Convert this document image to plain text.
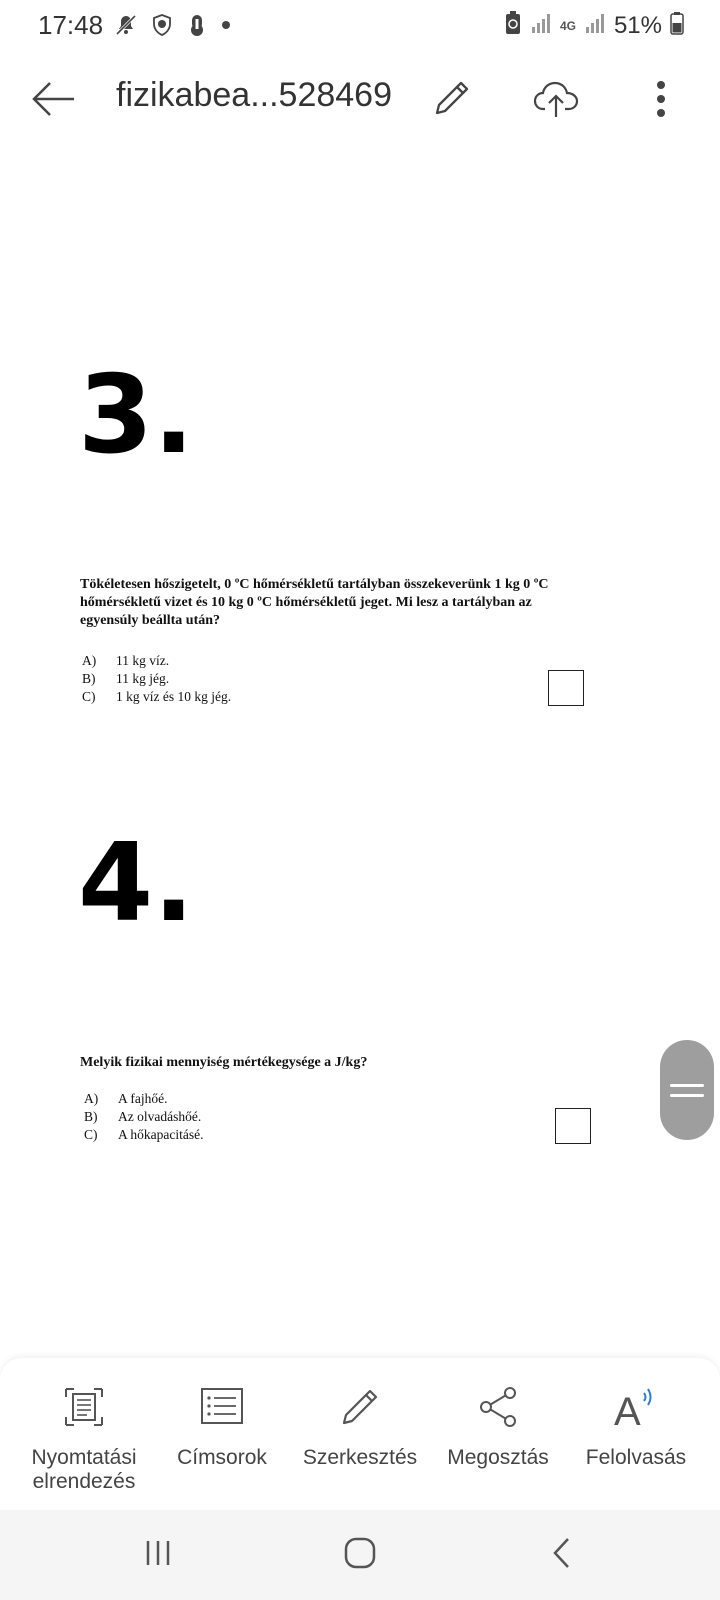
17:48	4G 51%
fizikabea...528469
3.
Tökéletesen hőszigetelt, 0 ºC hőmérsékletű tartályban összekeverünk 1 kg 0 ºC hőmérsékletű vizet és 10 kg 0 ºC hőmérsékletű jeget. Mi lesz a tartályban az egyensúly beállta után?
A)	11 kg víz.
B)	11 kg jég.
C)	1 kg víz és 10 kg jég.
4.
Melyik fizikai mennyiség mértékegysége a J/kg?
A)	A fajhőé.
B)	Az olvadáshőé.
C)	A hőkapacitásé.
Nyomtatási elrendezés
Címsorok Szerkesztés Megosztás
A
Felolvasás
